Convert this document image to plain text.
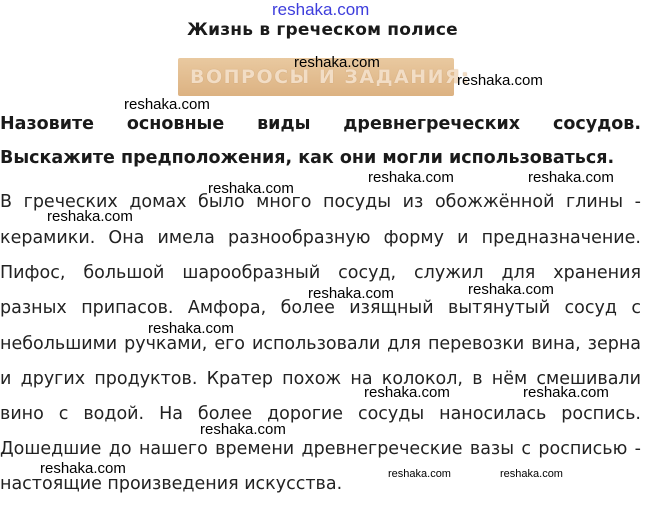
Жизнь в греческом полисе
ВОПРОСЫ И ЗАДАНИЯ:
Назовите основные виды древнегреческих сосудов.
Выскажите предположения, как они могли использоваться.
В греческих домах было много посуды из обожжённой глины -
керамики. Она имела разнообразную форму и предназначение.
Пифос, большой шарообразный сосуд, служил для хранения
разных припасов. Амфора, более изящный вытянутый сосуд с
небольшими ручками, его использовали для перевозки вина, зерна
и других продуктов. Кратер похож на колокол, в нём смешивали
вино с водой. На более дорогие сосуды наносилась роспись.
Дошедшие до нашего времени древнегреческие вазы с росписью -
настоящие произведения искусства.
reshaka.com
reshaka.com
reshaka.com
reshaka.com
reshaka.com
reshaka.com	reshaka.com
reshaka.com
reshaka.com	reshaka.com
reshaka.com
reshaka.com	reshaka.com
reshaka.com
reshaka.com	reshaka.com	reshaka.com
